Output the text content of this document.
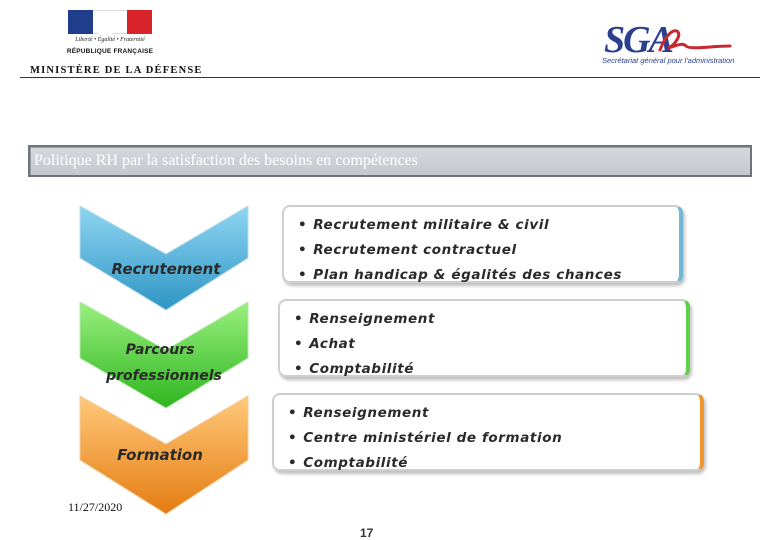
Liberté • Égalité • Fraternité
RÉPUBLIQUE FRANÇAISE
MINISTÈRE DE LA DÉFENSE
SGA
Secrétariat général pour l'administration
Politique RH par la satisfaction des besoins en compétences
Recrutement
Parcours
professionnels
Formation
• Recrutement militaire & civil
• Recrutement contractuel
• Plan handicap & égalités des chances
• Renseignement
• Achat
• Comptabilité
• Renseignement
• Centre ministériel de formation
• Comptabilité
11/27/2020
17
